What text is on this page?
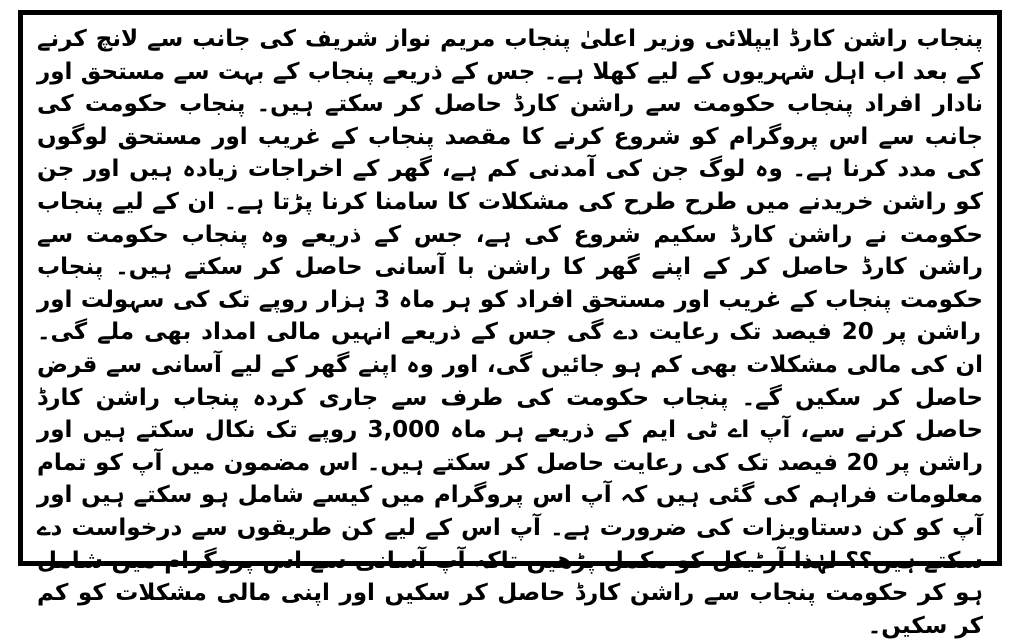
پنجاب راشن کارڈ ایپلائی وزیر اعلیٰ پنجاب مریم نواز شریف کی جانب سے لانچ کرنے کے بعد اب اہل شہریوں کے لیے کھلا ہے۔ جس کے ذریعے پنجاب کے بہت سے مستحق اور نادار افراد پنجاب حکومت سے راشن کارڈ حاصل کر سکتے ہیں۔ پنجاب حکومت کی جانب سے اس پروگرام کو شروع کرنے کا مقصد پنجاب کے غریب اور مستحق لوگوں کی مدد کرنا ہے۔ وہ لوگ جن کی آمدنی کم ہے، گھر کے اخراجات زیادہ ہیں اور جن کو راشن خریدنے میں طرح طرح کی مشکلات کا سامنا کرنا پڑتا ہے۔ ان کے لیے پنجاب حکومت نے راشن کارڈ سکیم شروع کی ہے، جس کے ذریعے وہ پنجاب حکومت سے راشن کارڈ حاصل کر کے اپنے گھر کا راشن با آسانی حاصل کر سکتے ہیں۔ پنجاب حکومت پنجاب کے غریب اور مستحق افراد کو ہر ماہ 3 ہزار روپے تک کی سہولت اور راشن پر 20 فیصد تک رعایت دے گی جس کے ذریعے انہیں مالی امداد بھی ملے گی۔ ان کی مالی مشکلات بھی کم ہو جائیں گی، اور وہ اپنے گھر کے لیے آسانی سے قرض حاصل کر سکیں گے۔ پنجاب حکومت کی طرف سے جاری کردہ پنجاب راشن کارڈ حاصل کرنے سے، آپ اے ٹی ایم کے ذریعے ہر ماہ 3,000 روپے تک نکال سکتے ہیں اور راشن پر 20 فیصد تک کی رعایت حاصل کر سکتے ہیں۔ اس مضمون میں آپ کو تمام معلومات فراہم کی گئی ہیں کہ آپ اس پروگرام میں کیسے شامل ہو سکتے ہیں اور آپ کو کن دستاویزات کی ضرورت ہے۔ آپ اس کے لیے کن طریقوں سے درخواست دے سکتے ہیں؟؟ لہٰذا آرٹیکل کو مکمل پڑھیں تاکہ آپ آسانی سے اس پروگرام میں شامل ہو کر حکومت پنجاب سے راشن کارڈ حاصل کر سکیں اور اپنی مالی مشکلات کو کم کر سکیں۔
